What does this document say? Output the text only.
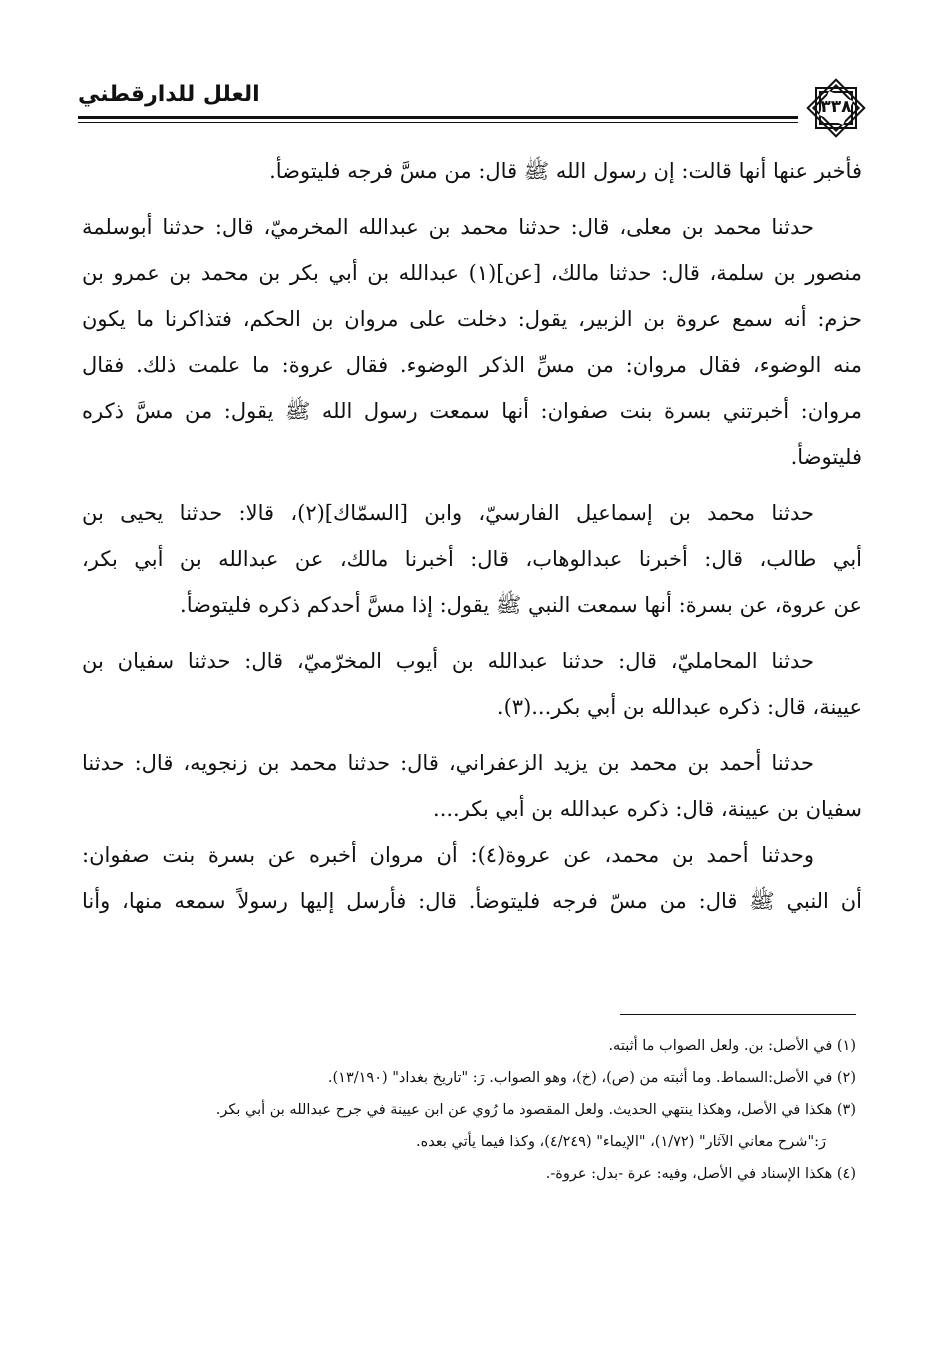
العلل للدارقطني	٣٣٨
فأخبر عنها أنها قالت: إن رسول الله ﷺ قال: من مسَّ فرجه فليتوضأ.
حدثنا محمد بن معلى، قال: حدثنا محمد بن عبدالله المخرميّ، قال: حدثنا أبوسلمة
منصور بن سلمة، قال: حدثنا مالك، [عن](١) عبدالله بن أبي بكر بن محمد بن عمرو بن
حزم: أنه سمع عروة بن الزبير، يقول: دخلت على مروان بن الحكم، فتذاكرنا ما يكون
منه الوضوء، فقال مروان: من مسِّ الذكر الوضوء. فقال عروة: ما علمت ذلك. فقال
مروان: أخبرتني بسرة بنت صفوان: أنها سمعت رسول الله ﷺ يقول: من مسَّ ذكره
فليتوضأ.
حدثنا محمد بن إسماعيل الفارسيّ، وابن [السمّاك](٢)، قالا: حدثنا يحيى بن
أبي طالب، قال: أخبرنا عبدالوهاب، قال: أخبرنا مالك، عن عبدالله بن أبي بكر،
عن عروة، عن بسرة: أنها سمعت النبي ﷺ يقول: إذا مسَّ أحدكم ذكره فليتوضأ.
حدثنا المحامليّ، قال: حدثنا عبدالله بن أيوب المخرّميّ، قال: حدثنا سفيان بن
عيينة، قال: ذكره عبدالله بن أبي بكر...(٣).
حدثنا أحمد بن محمد بن يزيد الزعفراني، قال: حدثنا محمد بن زنجويه، قال: حدثنا
سفيان بن عيينة، قال: ذكره عبدالله بن أبي بكر....
وحدثنا أحمد بن محمد، عن عروة(٤): أن مروان أخبره عن بسرة بنت صفوان:
أن النبي ﷺ قال: من مسّ فرجه فليتوضأ. قال: فأرسل إليها رسولاً سمعه منها، وأنا
(١) في الأصل: بن. ولعل الصواب ما أثبته.
(٢) في الأصل:السماط. وما أثبته من (ص)، (خ)، وهو الصواب. رَ: "تاريخ بغداد" (١٣/١٩٠).
(٣) هكذا في الأصل، وهكذا ينتهي الحديث. ولعل المقصود ما رُوي عن ابن عيينة في جرح عبدالله بن أبي بكر.
رَ:"شرح معاني الآثار" (١/٧٢)، "الإيماء" (٤/٢٤٩)، وكذا فيما يأتي بعده.
(٤) هكذا الإسناد في الأصل، وفيه: عرة -بدل: عروة-.
